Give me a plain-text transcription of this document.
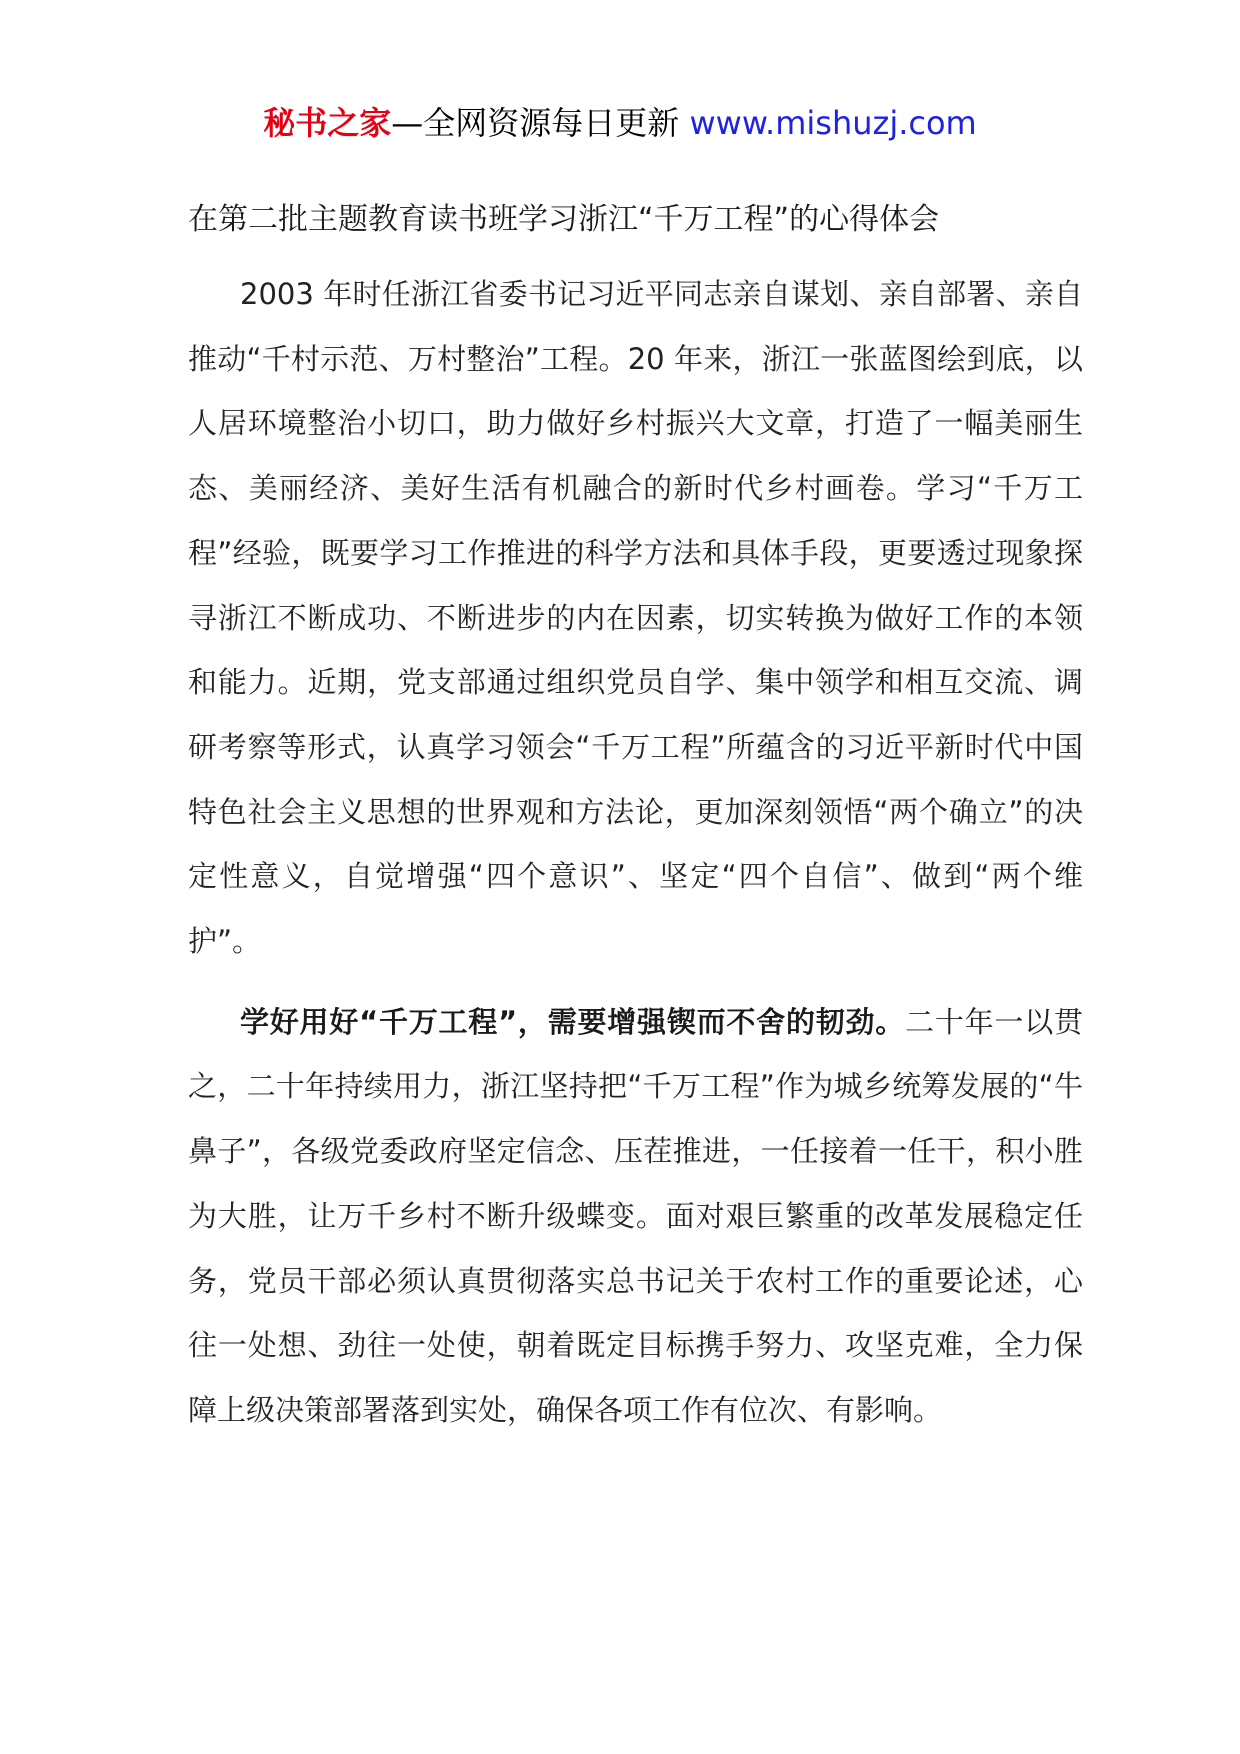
秘书之家—全网资源每日更新 www.mishuzj.com
在第二批主题教育读书班学习浙江“千万工程”的心得体会

2003 年时任浙江省委书记习近平同志亲自谋划、亲自部署、亲自推动“千村示范、万村整治”工程。20 年来，浙江一张蓝图绘到底，以人居环境整治小切口，助力做好乡村振兴大文章，打造了一幅美丽生态、美丽经济、美好生活有机融合的新时代乡村画卷。学习“千万工程”经验，既要学习工作推进的科学方法和具体手段，更要透过现象探寻浙江不断成功、不断进步的内在因素，切实转换为做好工作的本领和能力。近期，党支部通过组织党员自学、集中领学和相互交流、调研考察等形式，认真学习领会“千万工程”所蕴含的习近平新时代中国特色社会主义思想的世界观和方法论，更加深刻领悟“两个确立”的决定性意义，自觉增强“四个意识”、坚定“四个自信”、做到“两个维护”。

学好用好“千万工程”，需要增强锲而不舍的韧劲。二十年一以贯之，二十年持续用力，浙江坚持把“千万工程”作为城乡统筹发展的“牛鼻子”，各级党委政府坚定信念、压茬推进，一任接着一任干，积小胜为大胜，让万千乡村不断升级蝶变。面对艰巨繁重的改革发展稳定任务，党员干部必须认真贯彻落实总书记关于农村工作的重要论述，心往一处想、劲往一处使，朝着既定目标携手努力、攻坚克难，全力保障上级决策部署落到实处，确保各项工作有位次、有影响。
